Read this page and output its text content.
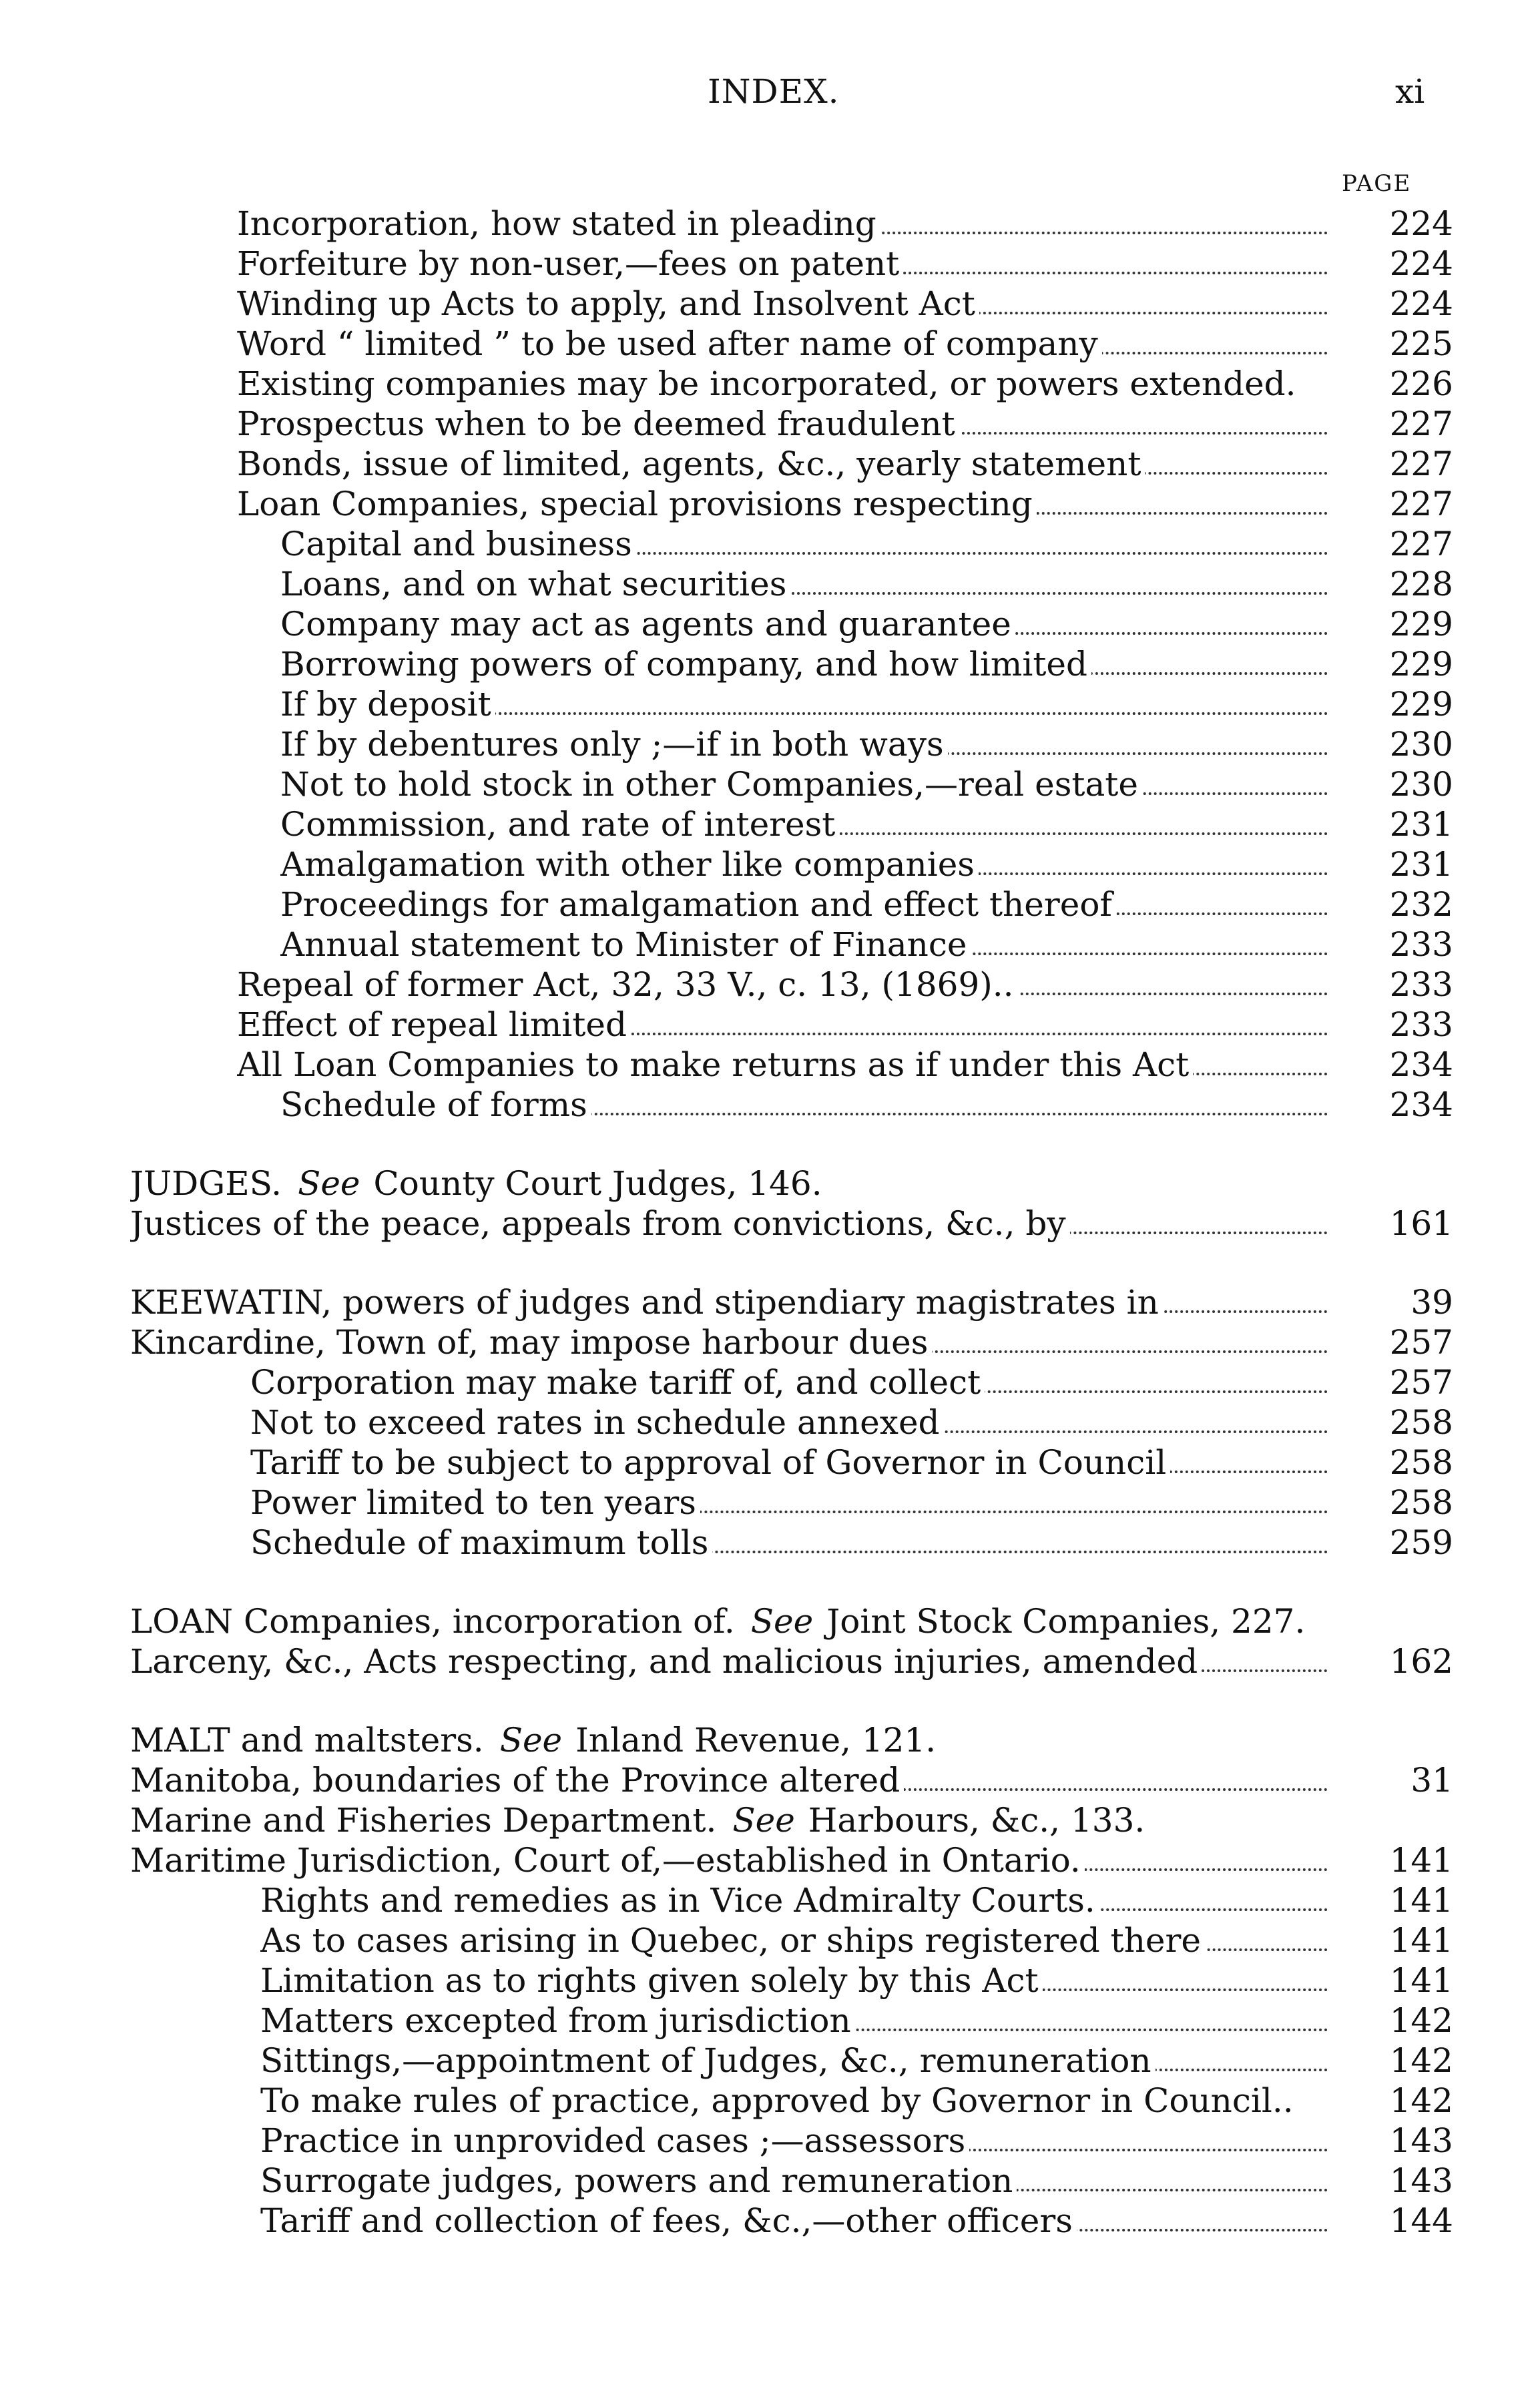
INDEX.	xi
PAGE
Incorporation, how stated in pleading	224
Forfeiture by non-user,—fees on patent	224
Winding up Acts to apply, and Insolvent Act	224
Word “ limited ” to be used after name of company	225
Existing companies may be incorporated, or powers extended.	226
Prospectus when to be deemed fraudulent	227
Bonds, issue of limited, agents, &c., yearly statement	227
Loan Companies, special provisions respecting	227
Capital and business	227
Loans, and on what securities	228
Company may act as agents and guarantee	229
Borrowing powers of company, and how limited	229
If by deposit	229
If by debentures only ;—if in both ways	230
Not to hold stock in other Companies,—real estate	230
Commission, and rate of interest	231
Amalgamation with other like companies	231
Proceedings for amalgamation and effect thereof	232
Annual statement to Minister of Finance	233
Repeal of former Act, 32, 33 V., c. 13, (1869)..	233
Effect of repeal limited	233
All Loan Companies to make returns as if under this Act	234
Schedule of forms	234
JUDGES. See County Court Judges, 146.
Justices of the peace, appeals from convictions, &c., by	161
KEEWATIN, powers of judges and stipendiary magistrates in	39
Kincardine, Town of, may impose harbour dues	257
Corporation may make tariff of, and collect	257
Not to exceed rates in schedule annexed	258
Tariff to be subject to approval of Governor in Council	258
Power limited to ten years	258
Schedule of maximum tolls	259
LOAN Companies, incorporation of. See Joint Stock Companies, 227.
Larceny, &c., Acts respecting, and malicious injuries, amended	162
MALT and maltsters. See Inland Revenue, 121.
Manitoba, boundaries of the Province altered	31
Marine and Fisheries Department. See Harbours, &c., 133.
Maritime Jurisdiction, Court of,—established in Ontario.	141
Rights and remedies as in Vice Admiralty Courts.	141
As to cases arising in Quebec, or ships registered there	141
Limitation as to rights given solely by this Act	141
Matters excepted from jurisdiction	142
Sittings,—appointment of Judges, &c., remuneration	142
To make rules of practice, approved by Governor in Council..	142
Practice in unprovided cases ;—assessors	143
Surrogate judges, powers and remuneration	143
Tariff and collection of fees, &c.,—other officers	144
